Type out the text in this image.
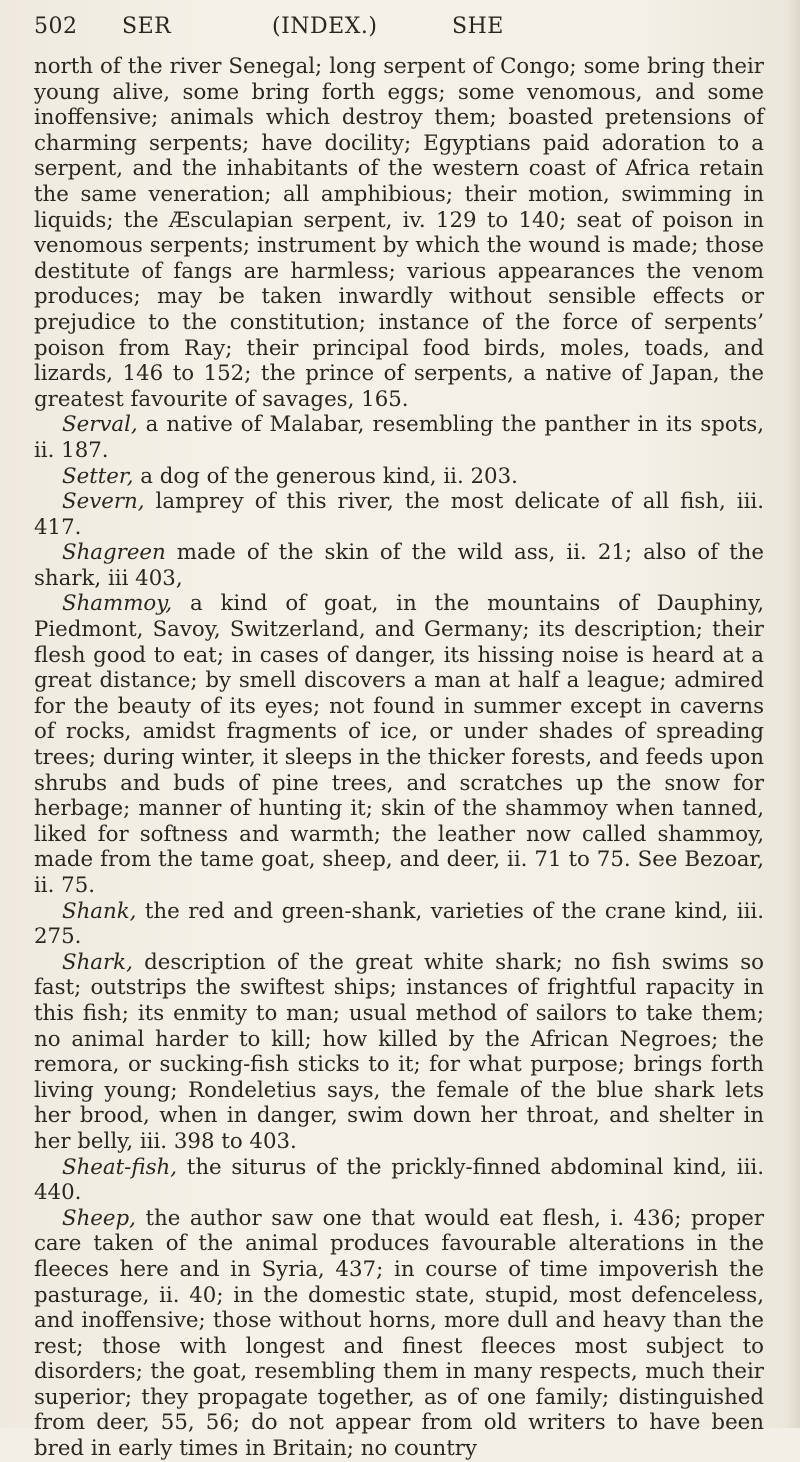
502	SER	(INDEX.)	SHE

north of the river Senegal; long serpent of Congo; some bring their young alive, some bring forth eggs; some venomous, and some inoffensive; animals which destroy them; boasted pretensions of charming serpents; have docility; Egyptians paid adoration to a serpent, and the inhabitants of the western coast of Africa retain the same veneration; all amphibious; their motion, swimming in liquids; the Æsculapian serpent, iv. 129 to 140; seat of poison in venomous serpents; instrument by which the wound is made; those destitute of fangs are harmless; various appearances the venom produces; may be taken inwardly without sensible effects or prejudice to the constitution; instance of the force of serpents’ poison from Ray; their principal food birds, moles, toads, and lizards, 146 to 152; the prince of serpents, a native of Japan, the greatest favourite of savages, 165.

Serval, a native of Malabar, resembling the panther in its spots, ii. 187.

Setter, a dog of the generous kind, ii. 203.

Severn, lamprey of this river, the most delicate of all fish, iii. 417.

Shagreen made of the skin of the wild ass, ii. 21; also of the shark, iii 403,

Shammoy, a kind of goat, in the mountains of Dauphiny, Piedmont, Savoy, Switzerland, and Germany; its description; their flesh good to eat; in cases of danger, its hissing noise is heard at a great distance; by smell discovers a man at half a league; admired for the beauty of its eyes; not found in summer except in caverns of rocks, amidst fragments of ice, or under shades of spreading trees; during winter, it sleeps in the thicker forests, and feeds upon shrubs and buds of pine trees, and scratches up the snow for herbage; manner of hunting it; skin of the shammoy when tanned, liked for softness and warmth; the leather now called shammoy, made from the tame goat, sheep, and deer, ii. 71 to 75. See Bezoar, ii. 75.

Shank, the red and green-shank, varieties of the crane kind, iii. 275.

Shark, description of the great white shark; no fish swims so fast; outstrips the swiftest ships; instances of frightful rapacity in this fish; its enmity to man; usual method of sailors to take them; no animal harder to kill; how killed by the African Negroes; the remora, or sucking-fish sticks to it; for what purpose; brings forth living young; Rondeletius says, the female of the blue shark lets her brood, when in danger, swim down her throat, and shelter in her belly, iii. 398 to 403.

Sheat-fish, the siturus of the prickly-finned abdominal kind, iii. 440.

Sheep, the author saw one that would eat flesh, i. 436; proper care taken of the animal produces favourable alterations in the fleeces here and in Syria, 437; in course of time impoverish the pasturage, ii. 40; in the domestic state, stupid, most defenceless, and inoffensive; those without horns, more dull and heavy than the rest; those with longest and finest fleeces most subject to disorders; the goat, resembling them in many respects, much their superior; they propagate together, as of one family; distinguished from deer, 55, 56; do not appear from old writers to have been bred in early times in Britain; no country
